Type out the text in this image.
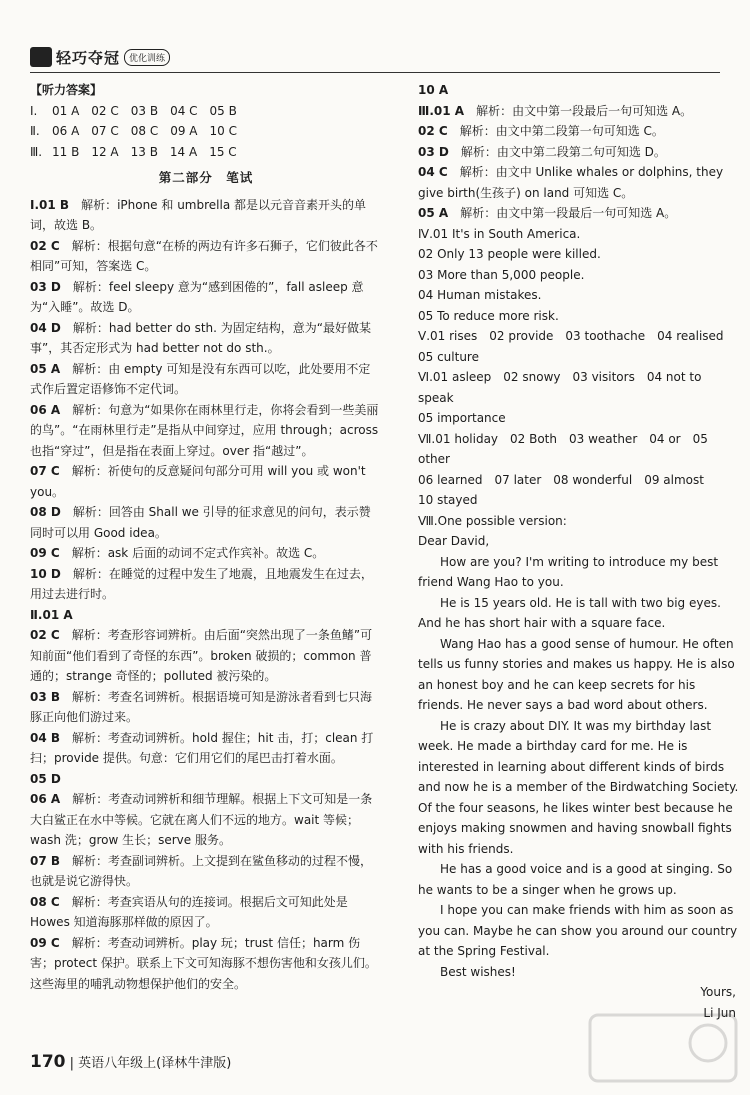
轻巧夺冠	优化训练
【听力答案】
Ⅰ. 01 A　02 C　03 B　04 C　05 B
Ⅱ. 06 A　07 C　08 C　09 A　10 C
Ⅲ. 11 B　12 A　13 B　14 A　15 C
第二部分　笔试
Ⅰ.01 B　 解析：iPhone 和 umbrella 都是以元音音素开头的单词，故选 B。
02 C　 解析：根据句意“在桥的两边有许多石狮子，它们彼此各不相同”可知，答案选 C。
03 D　 解析：feel sleepy 意为“感到困倦的”，fall asleep 意为“入睡”。故选 D。
04 D　 解析：had better do sth. 为固定结构，意为“最好做某事”，其否定形式为 had better not do sth.。
05 A　 解析：由 empty 可知是没有东西可以吃，此处要用不定式作后置定语修饰不定代词。
06 A　 解析：句意为“如果你在雨林里行走，你将会看到一些美丽的鸟”。“在雨林里行走”是指从中间穿过，应用 through；across 也指“穿过”，但是指在表面上穿过。over 指“越过”。
07 C　 解析：祈使句的反意疑问句部分可用 will you 或 won't you。
08 D　 解析：回答由 Shall we 引导的征求意见的问句，表示赞同时可以用 Good idea。
09 C　 解析：ask 后面的动词不定式作宾补。故选 C。
10 D　 解析：在睡觉的过程中发生了地震，且地震发生在过去，用过去进行时。
Ⅱ.01 A
02 C　 解析：考查形容词辨析。由后面“突然出现了一条鱼鳍”可知前面“他们看到了奇怪的东西”。broken 破损的；common 普通的；strange 奇怪的；polluted 被污染的。
03 B　 解析：考查名词辨析。根据语境可知是游泳者看到七只海豚正向他们游过来。
04 B　 解析：考查动词辨析。hold 握住；hit 击，打；clean 打扫；provide 提供。句意：它们用它们的尾巴击打着水面。
05 D
06 A　 解析：考查动词辨析和细节理解。根据上下文可知是一条大白鲨正在水中等候。它就在离人们不远的地方。wait 等候；wash 洗；grow 生长；serve 服务。
07 B　 解析：考查副词辨析。上文提到在鲨鱼移动的过程不慢，也就是说它游得快。
08 C　 解析：考查宾语从句的连接词。根据后文可知此处是 Howes 知道海豚那样做的原因了。
09 C　 解析：考查动词辨析。play 玩；trust 信任；harm 伤害；protect 保护。联系上下文可知海豚不想伤害他和女孩儿们。这些海里的哺乳动物想保护他们的安全。
10 A
Ⅲ.01 A　 解析：由文中第一段最后一句可知选 A。
02 C　 解析：由文中第二段第一句可知选 C。
03 D　 解析：由文中第二段第二句可知选 D。
04 C　 解析：由文中 Unlike whales or dolphins, they give birth(生孩子) on land 可知选 C。
05 A　 解析：由文中第一段最后一句可知选 A。
Ⅳ.01 It's in South America.
02 Only 13 people were killed.
03 More than 5,000 people.
04 Human mistakes.
05 To reduce more risk.
Ⅴ.01 rises　02 provide　03 toothache　04 realised
05 culture
Ⅵ.01 asleep　02 snowy　03 visitors　04 not to speak
05 importance
Ⅶ.01 holiday　02 Both　03 weather　04 or　05 other
06 learned　07 later　08 wonderful　09 almost
10 stayed
Ⅷ.One possible version:
Dear David,
How are you? I'm writing to introduce my best friend Wang Hao to you.
He is 15 years old. He is tall with two big eyes. And he has short hair with a square face.
Wang Hao has a good sense of humour. He often tells us funny stories and makes us happy. He is also an honest boy and he can keep secrets for his friends. He never says a bad word about others.
He is crazy about DIY. It was my birthday last week. He made a birthday card for me. He is interested in learning about different kinds of birds and now he is a member of the Birdwatching Society. Of the four seasons, he likes winter best because he enjoys making snowmen and having snowball fights with his friends.
He has a good voice and is a good at singing. So he wants to be a singer when he grows up.
I hope you can make friends with him as soon as you can. Maybe he can show you around our country at the Spring Festival.
Best wishes!
Yours,
Li Jun
170 | 英语八年级上(译林牛津版)
